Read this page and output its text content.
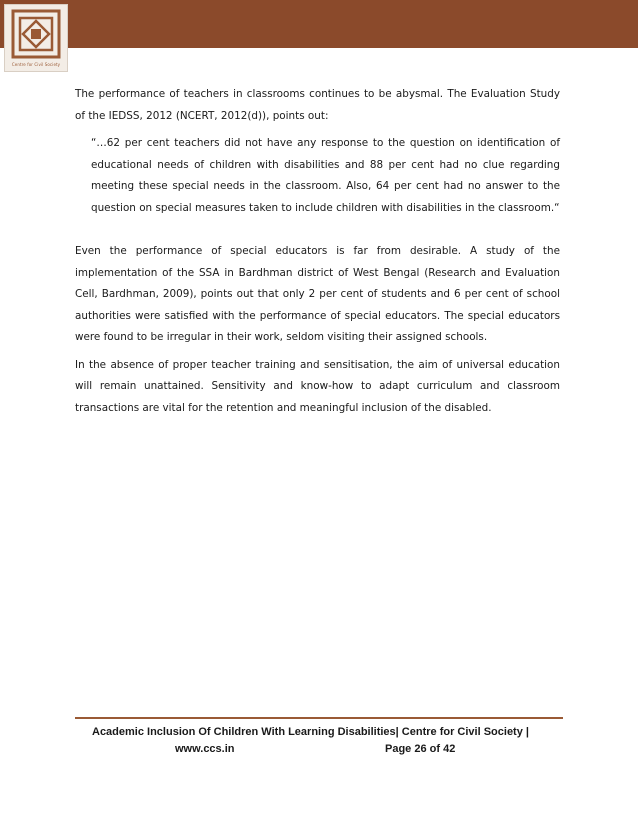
Centre for Civil Society

The performance of teachers in classrooms continues to be abysmal. The Evaluation Study of the IEDSS, 2012 (NCERT, 2012(d)), points out:

“…62 per cent teachers did not have any response to the question on identification of educational needs of children with disabilities and 88 per cent had no clue regarding meeting these special needs in the classroom. Also, 64 per cent had no answer to the question on special measures taken to include children with disabilities in the classroom.“

Even the performance of special educators is far from desirable. A study of the implementation of the SSA in Bardhman district of West Bengal (Research and Evaluation Cell, Bardhman, 2009), points out that only 2 per cent of students and 6 per cent of school authorities were satisfied with the performance of special educators. The special educators were found to be irregular in their work, seldom visiting their assigned schools.

In the absence of proper teacher training and sensitisation, the aim of universal education will remain unattained. Sensitivity and know-how to adapt curriculum and classroom transactions are vital for the retention and meaningful inclusion of the disabled.

Academic Inclusion Of Children With Learning Disabilities| Centre for Civil Society |
www.ccs.in	Page 26 of 42
